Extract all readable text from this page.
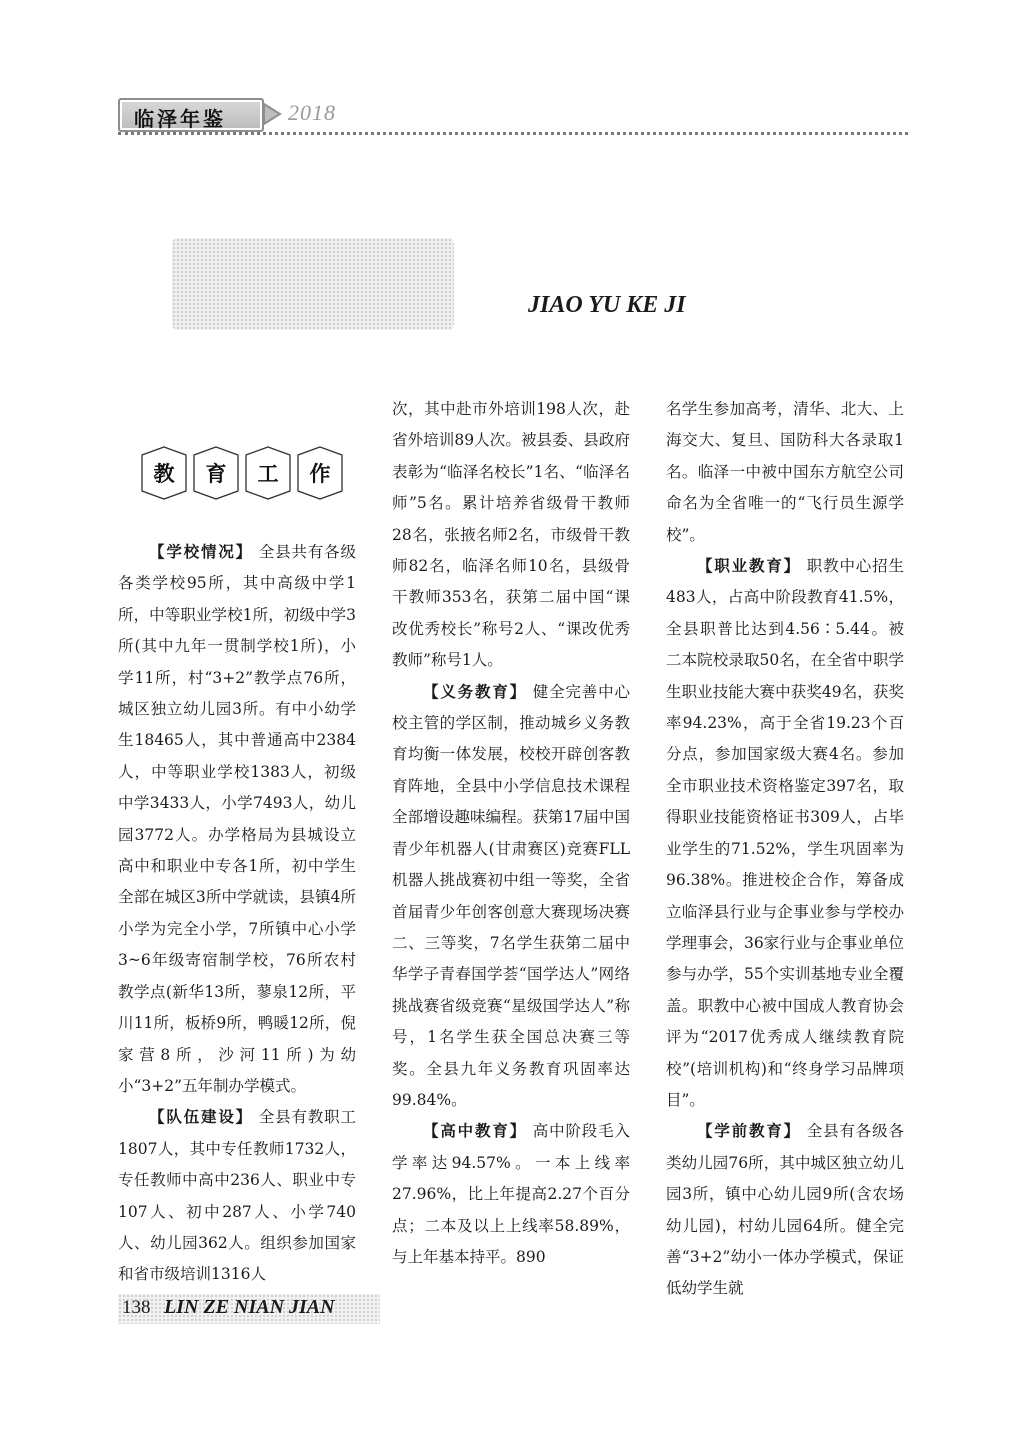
临泽年鉴	2018
JIAO YU KE JI
教 育 工 作

【学校情况】 全县共有各级各类学校95所，其中高级中学1所，中等职业学校1所，初级中学3所(其中九年一贯制学校1所)，小学11所，村“3+2”教学点76所，城区独立幼儿园3所。有中小幼学生18465人，其中普通高中2384人，中等职业学校1383人，初级中学3433人，小学7493人，幼儿园3772人。办学格局为县城设立高中和职业中专各1所，初中学生全部在城区3所中学就读，县镇4所小学为完全小学，7所镇中心小学3~6年级寄宿制学校，76所农村教学点(新华13所，蓼泉12所，平川11所，板桥9所，鸭暖12所，倪家营8所，沙河11所)为幼小“3+2”五年制办学模式。

【队伍建设】 全县有教职工1807人，其中专任教师1732人，专任教师中高中236人、职业中专107人、初中287人、小学740人、幼儿园362人。组织参加国家和省市级培训1316人

次，其中赴市外培训198人次，赴省外培训89人次。被县委、县政府表彰为“临泽名校长”1名、“临泽名师”5名。累计培养省级骨干教师28名，张掖名师2名，市级骨干教师82名，临泽名师10名，县级骨干教师353名，获第二届中国“课改优秀校长”称号2人、“课改优秀教师”称号1人。

【义务教育】 健全完善中心校主管的学区制，推动城乡义务教育均衡一体发展，校校开辟创客教育阵地，全县中小学信息技术课程全部增设趣味编程。获第17届中国青少年机器人(甘肃赛区)竞赛FLL机器人挑战赛初中组一等奖，全省首届青少年创客创意大赛现场决赛二、三等奖，7名学生获第二届中华学子青春国学荟“国学达人”网络挑战赛省级竞赛“星级国学达人”称号，1名学生获全国总决赛三等奖。全县九年义务教育巩固率达99.84%。

【高中教育】 高中阶段毛入学率达94.57%。一本上线率27.96%，比上年提高2.27个百分点；二本及以上上线率58.89%，与上年基本持平。890

名学生参加高考，清华、北大、上海交大、复旦、国防科大各录取1名。临泽一中被中国东方航空公司命名为全省唯一的“飞行员生源学校”。

【职业教育】 职教中心招生483人，占高中阶段教育41.5%，全县职普比达到4.56∶5.44。被二本院校录取50名，在全省中职学生职业技能大赛中获奖49名，获奖率94.23%，高于全省19.23个百分点，参加国家级大赛4名。参加全市职业技术资格鉴定397名，取得职业技能资格证书309人，占毕业学生的71.52%，学生巩固率为96.38%。推进校企合作，筹备成立临泽县行业与企事业参与学校办学理事会，36家行业与企事业单位参与办学，55个实训基地专业全覆盖。职教中心被中国成人教育协会评为“2017优秀成人继续教育院校”(培训机构)和“终身学习品牌项目”。

【学前教育】 全县有各级各类幼儿园76所，其中城区独立幼儿园3所，镇中心幼儿园9所(含农场幼儿园)，村幼儿园64所。健全完善“3+2”幼小一体办学模式，保证低幼学生就

138 LIN ZE NIAN JIAN
